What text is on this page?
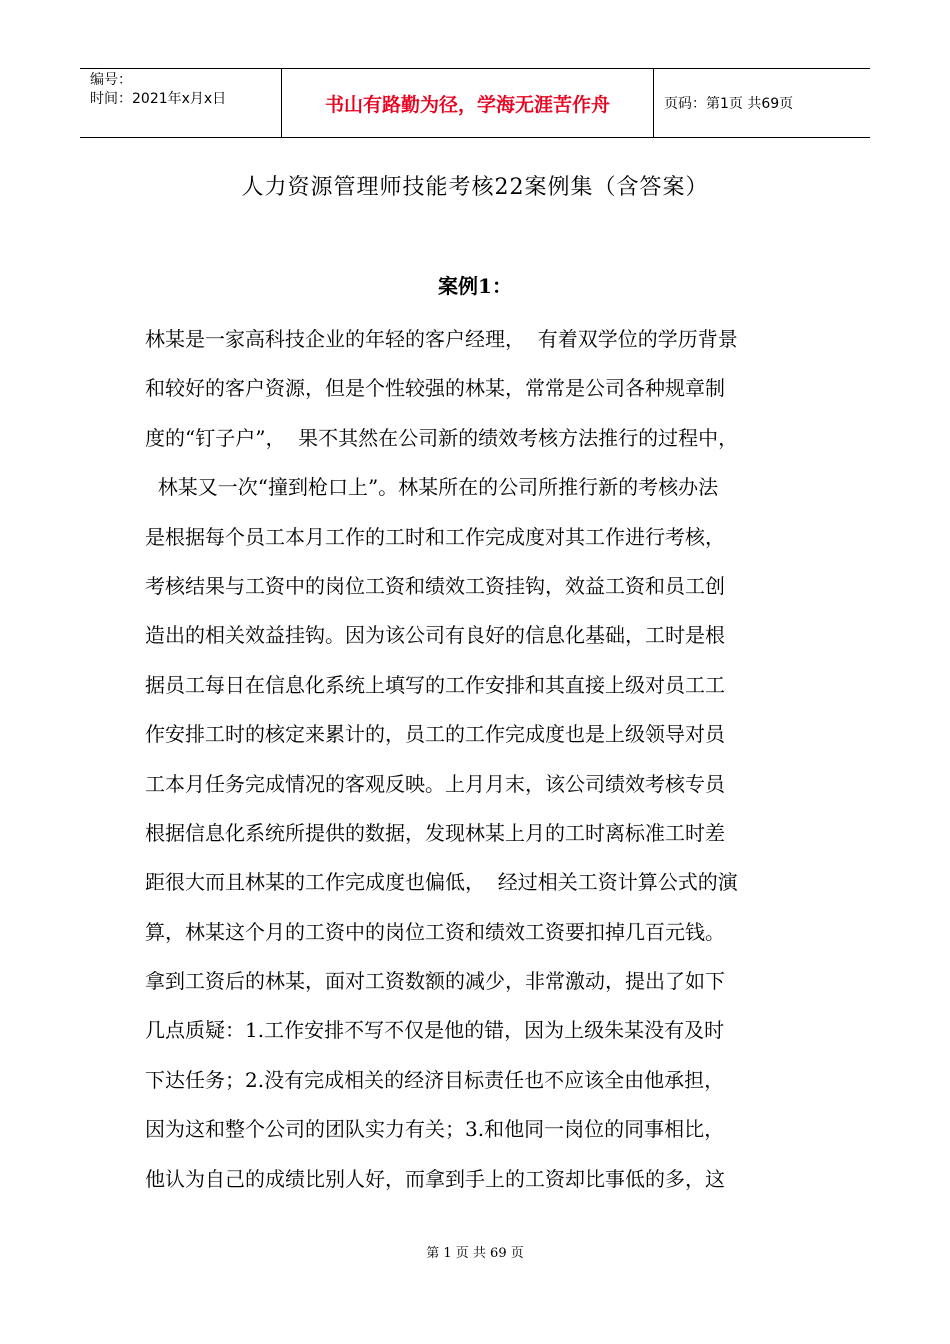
编号：
时间：2021年x月x日	书山有路勤为径，学海无涯苦作舟	页码：第1页 共69页
人力资源管理师技能考核22案例集（含答案）
案例1：
林某是一家高科技企业的年轻的客户经理，  有着双学位的学历背景
和较好的客户资源，但是个性较强的林某，常常是公司各种规章制
度的“钉子户”，  果不其然在公司新的绩效考核方法推行的过程中，
林某又一次“撞到枪口上”。林某所在的公司所推行新的考核办法
是根据每个员工本月工作的工时和工作完成度对其工作进行考核，
考核结果与工资中的岗位工资和绩效工资挂钩，效益工资和员工创
造出的相关效益挂钩。因为该公司有良好的信息化基础，工时是根
据员工每日在信息化系统上填写的工作安排和其直接上级对员工工
作安排工时的核定来累计的，员工的工作完成度也是上级领导对员
工本月任务完成情况的客观反映。上月月末，该公司绩效考核专员
根据信息化系统所提供的数据，发现林某上月的工时离标准工时差
距很大而且林某的工作完成度也偏低，  经过相关工资计算公式的演
算，林某这个月的工资中的岗位工资和绩效工资要扣掉几百元钱。
拿到工资后的林某，面对工资数额的减少，非常激动，提出了如下
几点质疑：1.工作安排不写不仅是他的错，因为上级朱某没有及时
下达任务；2.没有完成相关的经济目标责任也不应该全由他承担，
因为这和整个公司的团队实力有关；3.和他同一岗位的同事相比，
他认为自己的成绩比别人好，而拿到手上的工资却比事低的多，这
第 1 页 共 69 页
